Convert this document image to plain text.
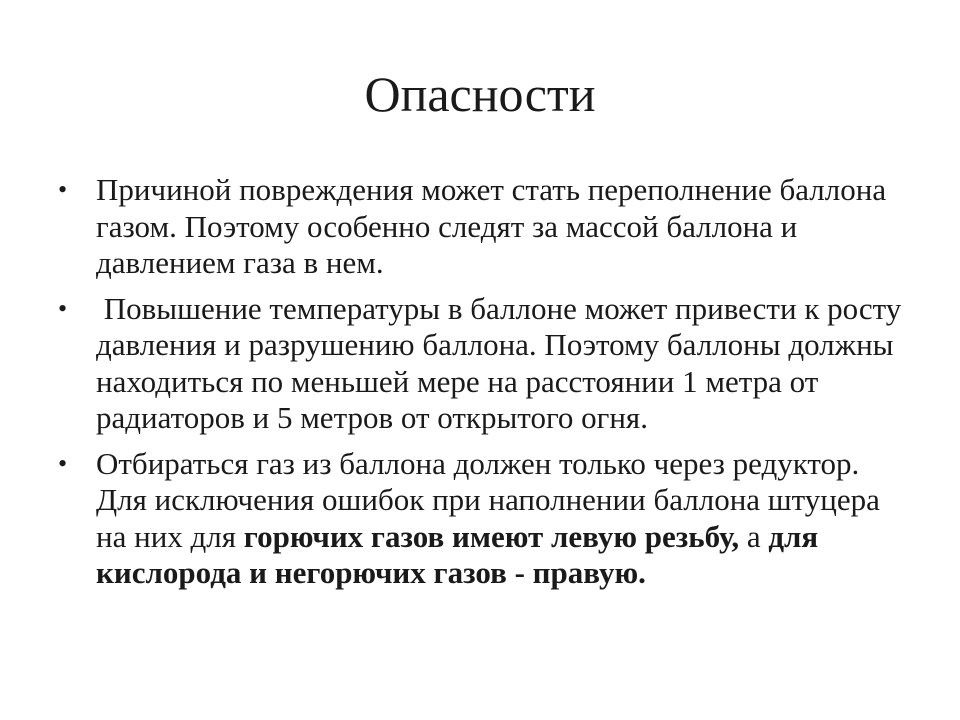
Опасности
• Причиной повреждения может стать переполнение баллона газом. Поэтому особенно следят за массой баллона и давлением газа в нем.
• Повышение температуры в баллоне может привести к росту давления и разрушению баллона. Поэтому баллоны должны находиться по меньшей мере на расстоянии 1 метра от радиаторов и 5 метров от открытого огня.
• Отбираться газ из баллона должен только через редуктор. Для исключения ошибок при наполнении баллона штуцера на них для горючих газов имеют левую резьбу, а для кислорода и негорючих газов - правую.
